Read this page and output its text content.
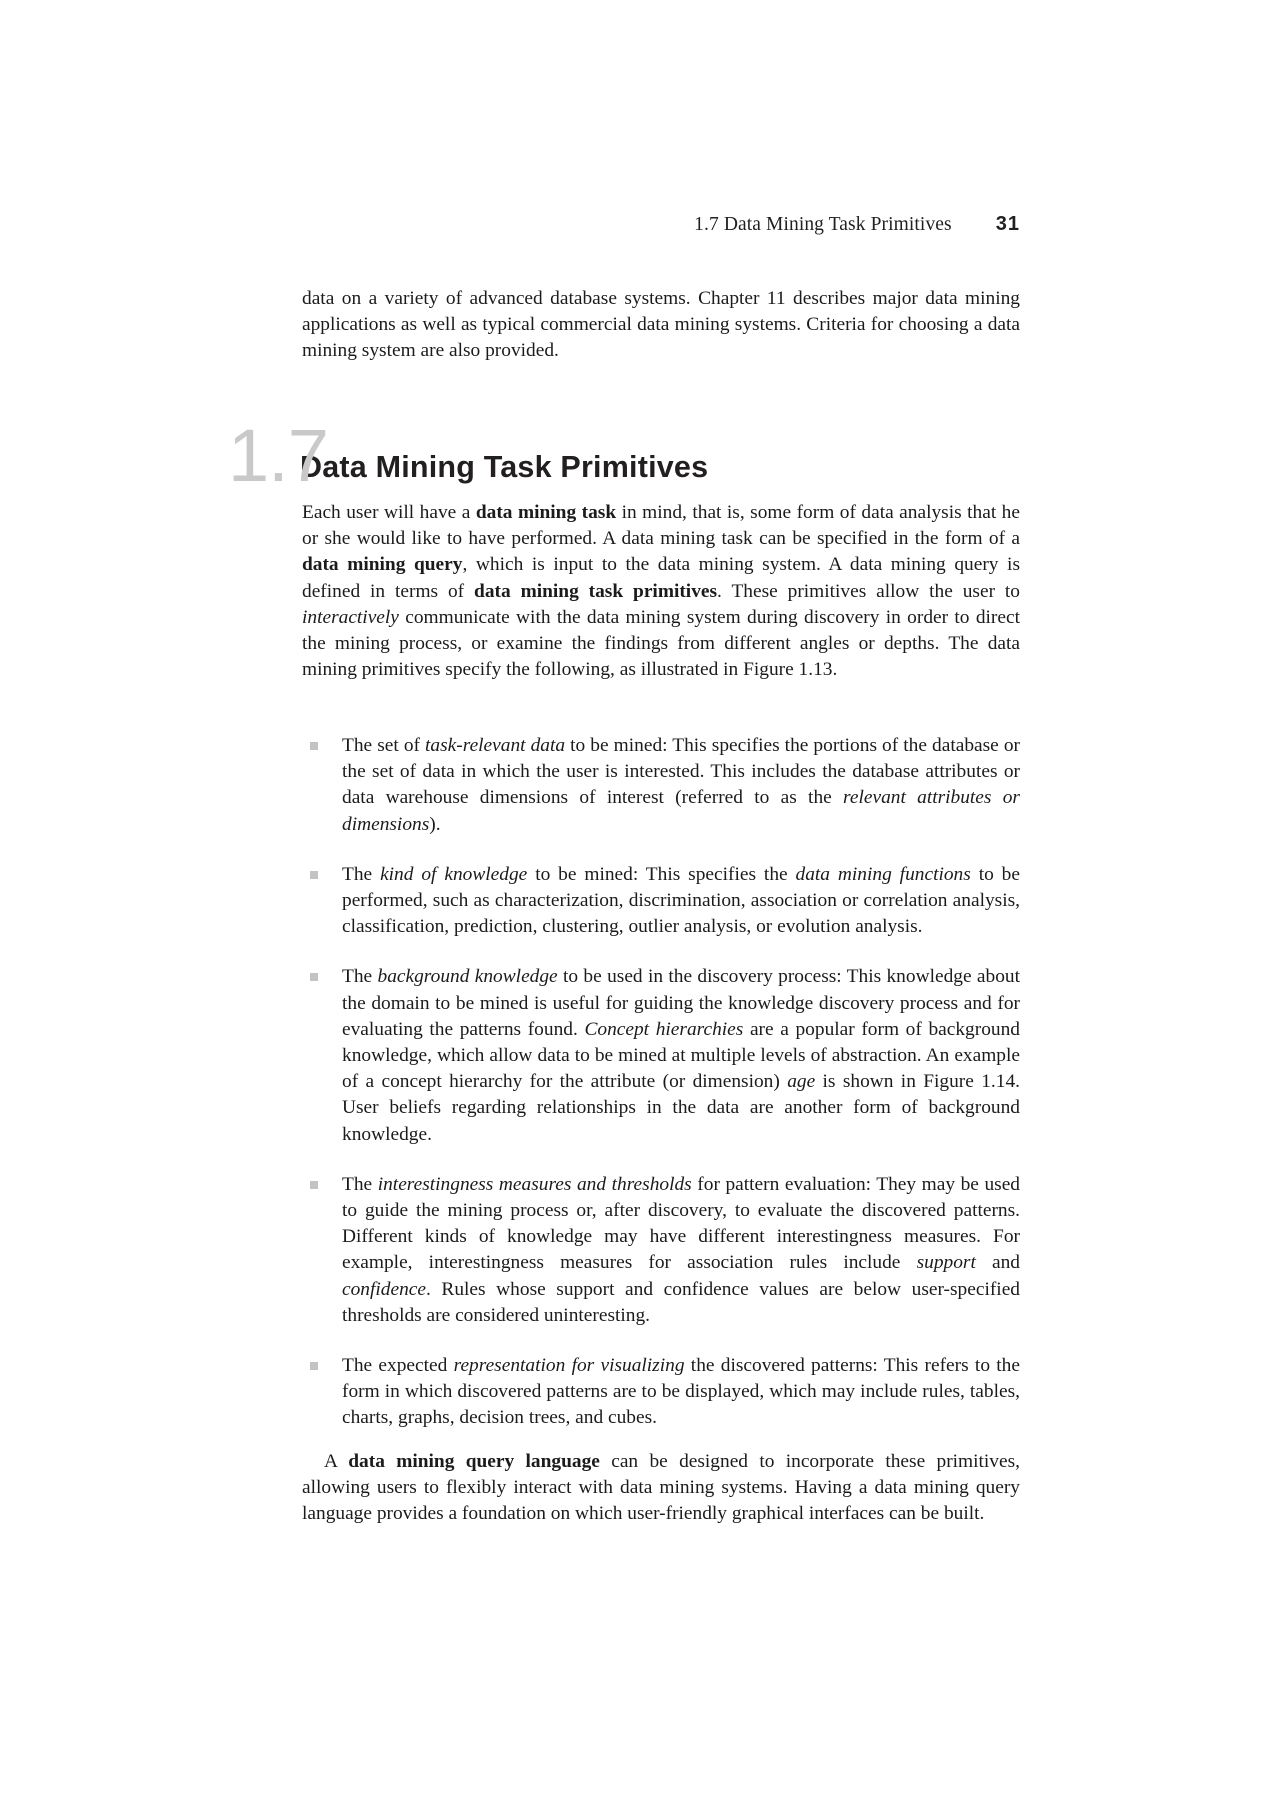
1.7 Data Mining Task Primitives 31

data on a variety of advanced database systems. Chapter 11 describes major data mining applications as well as typical commercial data mining systems. Criteria for choosing a data mining system are also provided.

1.7
Data Mining Task Primitives

Each user will have a data mining task in mind, that is, some form of data analysis that he or she would like to have performed. A data mining task can be specified in the form of a data mining query, which is input to the data mining system. A data mining query is defined in terms of data mining task primitives. These primitives allow the user to interactively communicate with the data mining system during discovery in order to direct the mining process, or examine the findings from different angles or depths. The data mining primitives specify the following, as illustrated in Figure 1.13.

The set of task-relevant data to be mined: This specifies the portions of the database or the set of data in which the user is interested. This includes the database attributes or data warehouse dimensions of interest (referred to as the relevant attributes or dimensions).

The kind of knowledge to be mined: This specifies the data mining functions to be performed, such as characterization, discrimination, association or correlation analysis, classification, prediction, clustering, outlier analysis, or evolution analysis.

The background knowledge to be used in the discovery process: This knowledge about the domain to be mined is useful for guiding the knowledge discovery process and for evaluating the patterns found. Concept hierarchies are a popular form of background knowledge, which allow data to be mined at multiple levels of abstraction. An example of a concept hierarchy for the attribute (or dimension) age is shown in Figure 1.14. User beliefs regarding relationships in the data are another form of background knowledge.

The interestingness measures and thresholds for pattern evaluation: They may be used to guide the mining process or, after discovery, to evaluate the discovered patterns. Different kinds of knowledge may have different interestingness measures. For example, interestingness measures for association rules include support and confidence. Rules whose support and confidence values are below user-specified thresholds are considered uninteresting.

The expected representation for visualizing the discovered patterns: This refers to the form in which discovered patterns are to be displayed, which may include rules, tables, charts, graphs, decision trees, and cubes.

A data mining query language can be designed to incorporate these primitives, allowing users to flexibly interact with data mining systems. Having a data mining query language provides a foundation on which user-friendly graphical interfaces can be built.
